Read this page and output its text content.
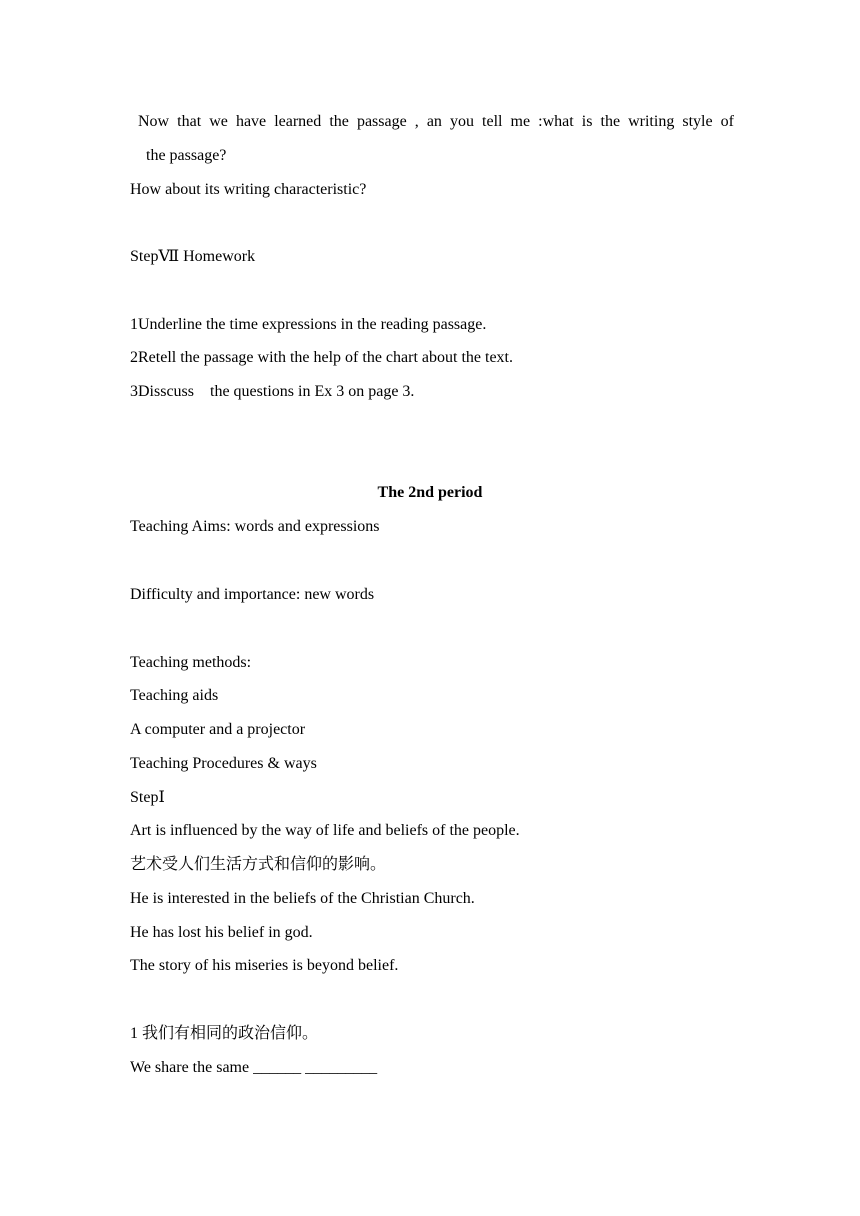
Now that we have learned the passage , an you tell me :what is the writing style of
the passage?
How about its writing characteristic?
StepⅦ Homework
1Underline the time expressions in the reading passage.
2Retell the passage with the help of the chart about the text.
3Disscuss    the questions in Ex 3 on page 3.
The 2nd period
Teaching Aims: words and expressions
Difficulty and importance: new words
Teaching methods:
Teaching aids
A computer and a projector
Teaching Procedures & ways
StepⅠ
Art is influenced by the way of life and beliefs of the people.
艺术受人们生活方式和信仰的影响。
He is interested in the beliefs of the Christian Church.
He has lost his belief in god.
The story of his miseries is beyond belief.
1 我们有相同的政治信仰。
We share the same ______ _________
